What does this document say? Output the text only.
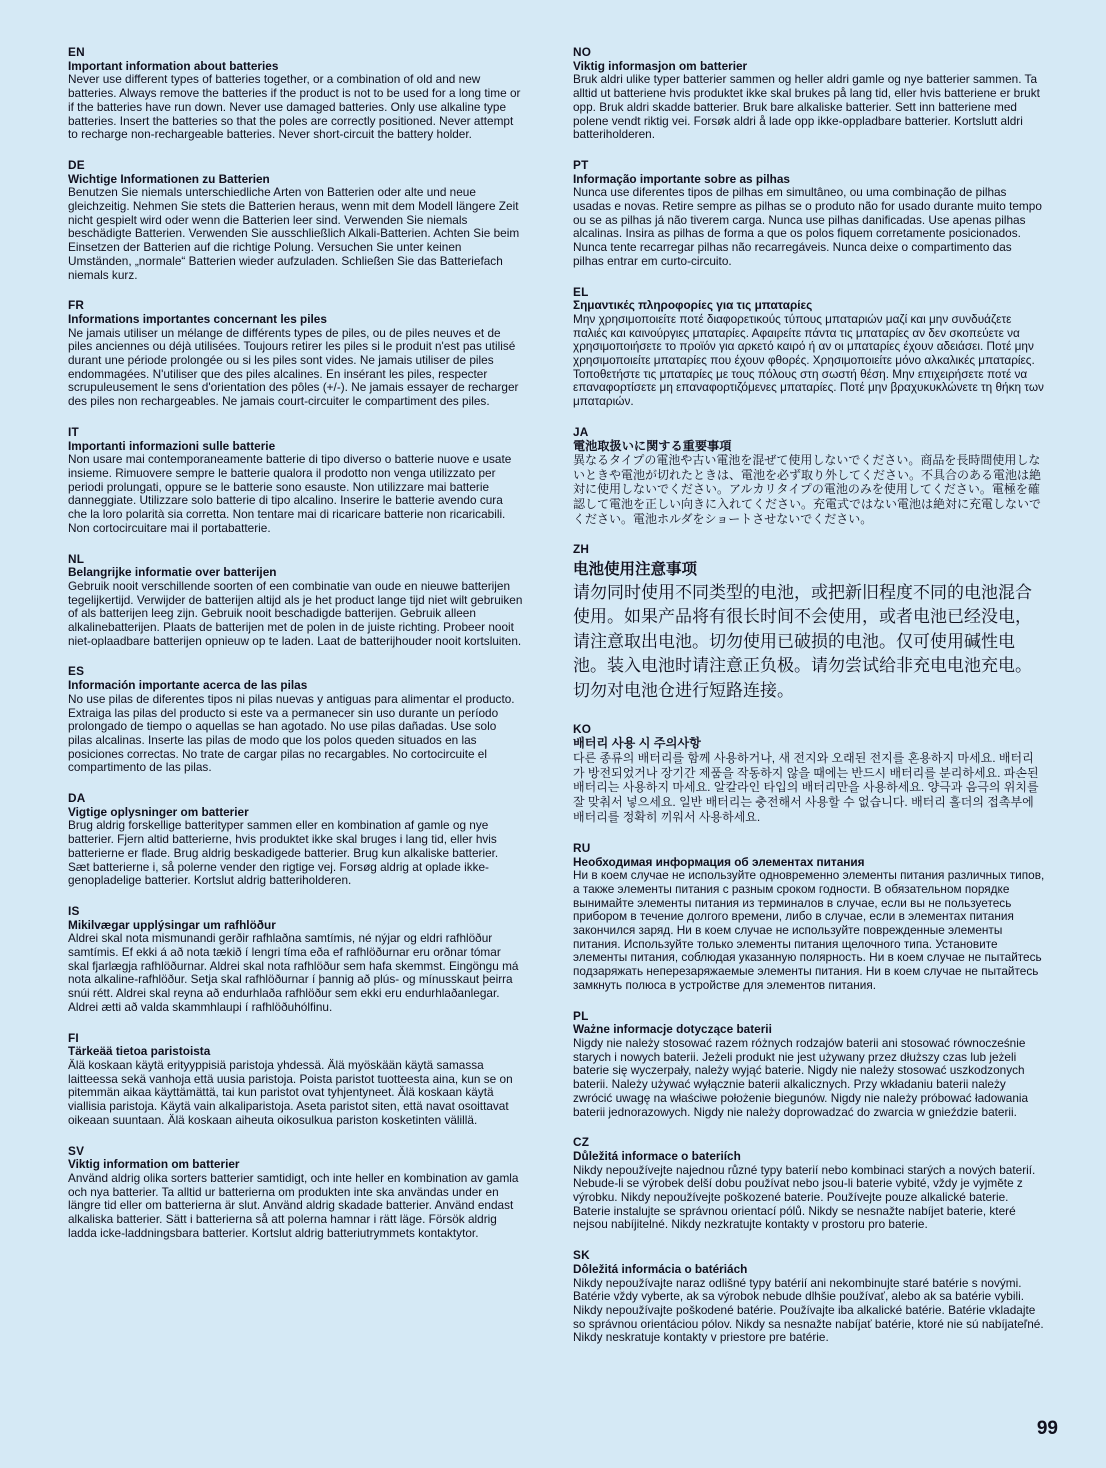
EN
Important information about batteries
Never use different types of batteries together, or a combination of old and new batteries. Always remove the batteries if the product is not to be used for a long time or if the batteries have run down. Never use damaged batteries. Only use alkaline type batteries. Insert the batteries so that the poles are correctly positioned. Never attempt to recharge non-rechargeable batteries. Never short-circuit the battery holder.
DE
Wichtige Informationen zu Batterien
Benutzen Sie niemals unterschiedliche Arten von Batterien oder alte und neue gleichzeitig. Nehmen Sie stets die Batterien heraus, wenn mit dem Modell längere Zeit nicht gespielt wird oder wenn die Batterien leer sind. Verwenden Sie niemals beschädigte Batterien. Verwenden Sie ausschließlich Alkali-Batterien. Achten Sie beim Einsetzen der Batterien auf die richtige Polung. Versuchen Sie unter keinen Umständen, „normale“ Batterien wieder aufzuladen. Schließen Sie das Batteriefach niemals kurz.
FR
Informations importantes concernant les piles
Ne jamais utiliser un mélange de différents types de piles, ou de piles neuves et de piles anciennes ou déjà utilisées. Toujours retirer les piles si le produit n'est pas utilisé durant une période prolongée ou si les piles sont vides. Ne jamais utiliser de piles endommagées. N'utiliser que des piles alcalines. En insérant les piles, respecter scrupuleusement le sens d'orientation des pôles (+/-). Ne jamais essayer de recharger des piles non rechargeables. Ne jamais court-circuiter le compartiment des piles.
IT
Importanti informazioni sulle batterie
Non usare mai contemporaneamente batterie di tipo diverso o batterie nuove e usate insieme. Rimuovere sempre le batterie qualora il prodotto non venga utilizzato per periodi prolungati, oppure se le batterie sono esauste. Non utilizzare mai batterie danneggiate. Utilizzare solo batterie di tipo alcalino. Inserire le batterie avendo cura che la loro polarità sia corretta. Non tentare mai di ricaricare batterie non ricaricabili. Non cortocircuitare mai il portabatterie.
NL
Belangrijke informatie over batterijen
Gebruik nooit verschillende soorten of een combinatie van oude en nieuwe batterijen tegelijkertijd. Verwijder de batterijen altijd als je het product lange tijd niet wilt gebruiken of als batterijen leeg zijn. Gebruik nooit beschadigde batterijen. Gebruik alleen alkalinebatterijen. Plaats de batterijen met de polen in de juiste richting. Probeer nooit niet-oplaadbare batterijen opnieuw op te laden. Laat de batterijhouder nooit kortsluiten.
ES
Información importante acerca de las pilas
No use pilas de diferentes tipos ni pilas nuevas y antiguas para alimentar el producto. Extraiga las pilas del producto si este va a permanecer sin uso durante un período prolongado de tiempo o aquellas se han agotado. No use pilas dañadas. Use solo pilas alcalinas. Inserte las pilas de modo que los polos queden situados en las posiciones correctas. No trate de cargar pilas no recargables. No cortocircuite el compartimento de las pilas.
DA
Vigtige oplysninger om batterier
Brug aldrig forskellige batterityper sammen eller en kombination af gamle og nye batterier. Fjern altid batterierne, hvis produktet ikke skal bruges i lang tid, eller hvis batterierne er flade. Brug aldrig beskadigede batterier. Brug kun alkaliske batterier. Sæt batterierne i, så polerne vender den rigtige vej. Forsøg aldrig at oplade ikke-genopladelige batterier. Kortslut aldrig batteriholderen.
IS
Mikilvægar upplýsingar um rafhlöður
Aldrei skal nota mismunandi gerðir rafhlaðna samtímis, né nýjar og eldri rafhlöður samtímis. Ef ekki á að nota tækið í lengri tíma eða ef rafhlöðurnar eru orðnar tómar skal fjarlægja rafhlöðurnar. Aldrei skal nota rafhlöður sem hafa skemmst. Eingöngu má nota alkaline-rafhlöður. Setja skal rafhlöðurnar í þannig að plús- og mínusskaut þeirra snúi rétt. Aldrei skal reyna að endurhlaða rafhlöður sem ekki eru endurhlaðanlegar. Aldrei ætti að valda skammhlaupi í rafhlöðuhólfinu.
FI
Tärkeää tietoa paristoista
Älä koskaan käytä erityyppisiä paristoja yhdessä. Älä myöskään käytä samassa laitteessa sekä vanhoja että uusia paristoja. Poista paristot tuotteesta aina, kun se on pitemmän aikaa käyttämättä, tai kun paristot ovat tyhjentyneet. Älä koskaan käytä viallisia paristoja. Käytä vain alkaliparistoja. Aseta paristot siten, että navat osoittavat oikeaan suuntaan. Älä koskaan aiheuta oikosulkua pariston kosketinten välillä.
SV
Viktig information om batterier
Använd aldrig olika sorters batterier samtidigt, och inte heller en kombination av gamla och nya batterier. Ta alltid ur batterierna om produkten inte ska användas under en längre tid eller om batterierna är slut. Använd aldrig skadade batterier. Använd endast alkaliska batterier. Sätt i batterierna så att polerna hamnar i rätt läge. Försök aldrig ladda icke-laddningsbara batterier. Kortslut aldrig batteriutrymmets kontaktytor.
NO
Viktig informasjon om batterier
Bruk aldri ulike typer batterier sammen og heller aldri gamle og nye batterier sammen. Ta alltid ut batteriene hvis produktet ikke skal brukes på lang tid, eller hvis batteriene er brukt opp. Bruk aldri skadde batterier. Bruk bare alkaliske batterier. Sett inn batteriene med polene vendt riktig vei. Forsøk aldri å lade opp ikke-oppladbare batterier. Kortslutt aldri batteriholderen.
PT
Informação importante sobre as pilhas
Nunca use diferentes tipos de pilhas em simultâneo, ou uma combinação de pilhas usadas e novas. Retire sempre as pilhas se o produto não for usado durante muito tempo ou se as pilhas já não tiverem carga. Nunca use pilhas danificadas. Use apenas pilhas alcalinas. Insira as pilhas de forma a que os polos fiquem corretamente posicionados. Nunca tente recarregar pilhas não recarregáveis. Nunca deixe o compartimento das pilhas entrar em curto-circuito.
EL
Σημαντικές πληροφορίες για τις μπαταρίες
Μην χρησιμοποιείτε ποτέ διαφορετικούς τύπους μπαταριών μαζί και μην συνδυάζετε παλιές και καινούργιες μπαταρίες. Αφαιρείτε πάντα τις μπαταρίες αν δεν σκοπεύετε να χρησιμοποιήσετε το προϊόν για αρκετό καιρό ή αν οι μπαταρίες έχουν αδειάσει. Ποτέ μην χρησιμοποιείτε μπαταρίες που έχουν φθορές. Χρησιμοποιείτε μόνο αλκαλικές μπαταρίες. Τοποθετήστε τις μπαταρίες με τους πόλους στη σωστή θέση. Μην επιχειρήσετε ποτέ να επαναφορτίσετε μη επαναφορτιζόμενες μπαταρίες. Ποτέ μην βραχυκυκλώνετε τη θήκη των μπαταριών.
JA
電池取扱いに関する重要事項
異なるタイプの電池や古い電池を混ぜて使用しないでください。商品を長時間使用しないときや電池が切れたときは、電池を必ず取り外してください。不具合のある電池は絶対に使用しないでください。アルカリタイプの電池のみを使用してください。電極を確認して電池を正しい向きに入れてください。充電式ではない電池は絶対に充電しないでください。電池ホルダをショートさせないでください。
ZH
电池使用注意事项
请勿同时使用不同类型的电池，或把新旧程度不同的电池混合使用。如果产品将有很长时间不会使用，或者电池已经没电，请注意取出电池。切勿使用已破损的电池。仅可使用碱性电池。装入电池时请注意正负极。请勿尝试给非充电电池充电。切勿对电池仓进行短路连接。
KO
배터리 사용 시 주의사항
다른 종류의 배터리를 함께 사용하거나, 새 전지와 오래된 전지를 혼용하지 마세요. 배터리가 방전되었거나 장기간 제품을 작동하지 않을 때에는 반드시 배터리를 분리하세요. 파손된 배터리는 사용하지 마세요. 알칼라인 타입의 배터리만을 사용하세요. 양극과 음극의 위치를 잘 맞춰서 넣으세요. 일반 배터리는 충전해서 사용할 수 없습니다. 배터리 홀더의 접촉부에 배터리를 정확히 끼워서 사용하세요.
RU
Необходимая информация об элементах питания
Ни в коем случае не используйте одновременно элементы питания различных типов, а также элементы питания с разным сроком годности. В обязательном порядке вынимайте элементы питания из терминалов в случае, если вы не пользуетесь прибором в течение долгого времени, либо в случае, если в элементах питания закончился заряд. Ни в коем случае не используйте поврежденные элементы питания. Используйте только элементы питания щелочного типа. Установите элементы питания, соблюдая указанную полярность. Ни в коем случае не пытайтесь подзаряжать неперезаряжаемые элементы питания. Ни в коем случае не пытайтесь замкнуть полюса в устройстве для элементов питания.
PL
Ważne informacje dotyczące baterii
Nigdy nie należy stosować razem różnych rodzajów baterii ani stosować równocześnie starych i nowych baterii. Jeżeli produkt nie jest używany przez dłuższy czas lub jeżeli baterie się wyczerpały, należy wyjąć baterie. Nigdy nie należy stosować uszkodzonych baterii. Należy używać wyłącznie baterii alkalicznych. Przy wkładaniu baterii należy zwrócić uwagę na właściwe położenie biegunów. Nigdy nie należy próbować ładowania baterii jednorazowych. Nigdy nie należy doprowadzać do zwarcia w gnieździe baterii.
CZ
Důležitá informace o bateriích
Nikdy nepoužívejte najednou různé typy baterií nebo kombinaci starých a nových baterií. Nebude-li se výrobek delší dobu používat nebo jsou-li baterie vybité, vždy je vyjměte z výrobku. Nikdy nepoužívejte poškozené baterie. Používejte pouze alkalické baterie. Baterie instalujte se správnou orientací pólů. Nikdy se nesnažte nabíjet baterie, které nejsou nabíjitelné. Nikdy nezkratujte kontakty v prostoru pro baterie.
SK
Dôležitá informácia o batériách
Nikdy nepoužívajte naraz odlišné typy batérií ani nekombinujte staré batérie s novými. Batérie vždy vyberte, ak sa výrobok nebude dlhšie používať, alebo ak sa batérie vybili. Nikdy nepoužívajte poškodené batérie. Používajte iba alkalické batérie. Batérie vkladajte so správnou orientáciou pólov. Nikdy sa nesnažte nabíjať batérie, ktoré nie sú nabíjateľné. Nikdy neskratuje kontakty v priestore pre batérie.
99
